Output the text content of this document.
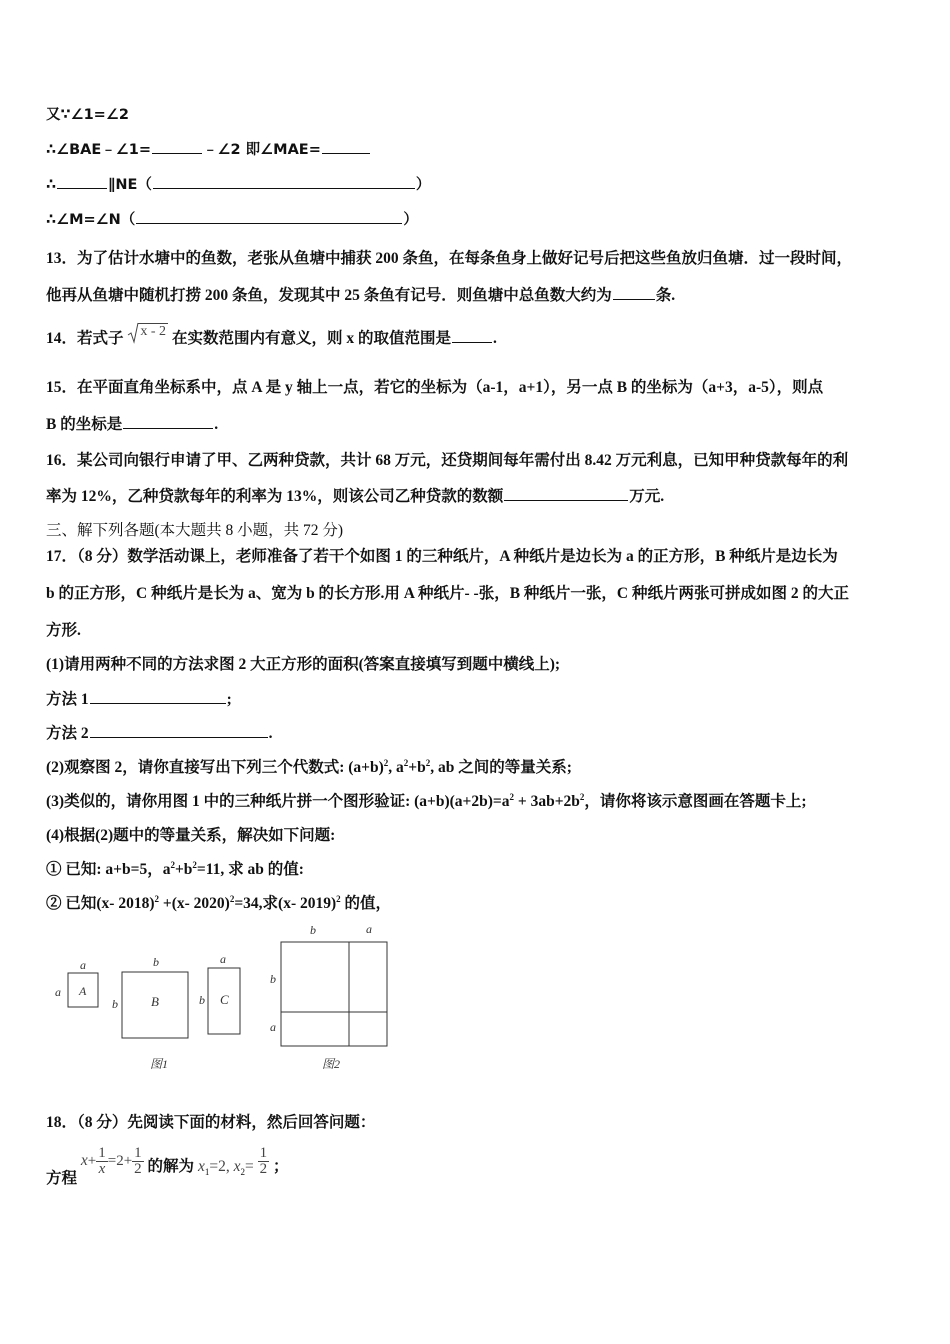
又∵∠1=∠2
∴∠BAE﹣∠1=	﹣∠2 即∠MAE=
∴	∥NE（	）
∴∠M=∠N（	）
13．为了估计水塘中的鱼数，老张从鱼塘中捕获 200 条鱼，在每条鱼身上做好记号后把这些鱼放归鱼塘．过一段时间，
他再从鱼塘中随机打捞 200 条鱼，发现其中 25 条鱼有记号．则鱼塘中总鱼数大约为	条.
14．若式子 x - 2 在实数范围内有意义，则 x 的取值范围是	.
15．在平面直角坐标系中，点 A 是 y 轴上一点，若它的坐标为（a-1，a+1），另一点 B 的坐标为（a+3，a-5），则点
B 的坐标是	.
16．某公司向银行申请了甲、乙两种贷款，共计 68 万元，还贷期间每年需付出 8.42 万元利息，已知甲种贷款每年的利
率为 12%，乙种贷款每年的利率为 13%，则该公司乙种贷款的数额	万元.
三、解下列各题(本大题共 8 小题，共 72 分)
17．（8 分）数学活动课上，老师准备了若干个如图 1 的三种纸片，A 种纸片是边长为 a 的正方形，B 种纸片是边长为
b 的正方形，C 种纸片是长为 a、宽为 b 的长方形.用 A 种纸片- -张，B 种纸片一张，C 种纸片两张可拼成如图 2 的大正
方形.
(1)请用两种不同的方法求图 2 大正方形的面积(答案直接填写到题中横线上);
方法 1	;
方法 2	.
(2)观察图 2，请你直接写出下列三个代数式: $(a+b)^2$, $a^2+b^2$, ab 之间的等量关系;
(3)类似的，请你用图 1 中的三种纸片拼一个图形验证: $(a+b)(a+2b)=a^2 + 3ab+2b^2$，请你将该示意图画在答题卡上;
(4)根据(2)题中的等量关系，解决如下问题:
① 已知: a+b=5，$a^2+b^2=11$, 求 ab 的值:
② 已知(x- 2018)$^2$ +(x- 2020)$^2$=34,求(x- 2019)$^2$ 的值，
A
a
a
B
b
b	C
a
b
图1
b	a
b
a
图2
18．（8 分）先阅读下面的材料，然后回答问题：
方程 $x+ \frac{1}{x} =2+ \frac{1}{2}$ 的解为 $x_1=2$, $x_2= \frac{1}{2}$ ；
